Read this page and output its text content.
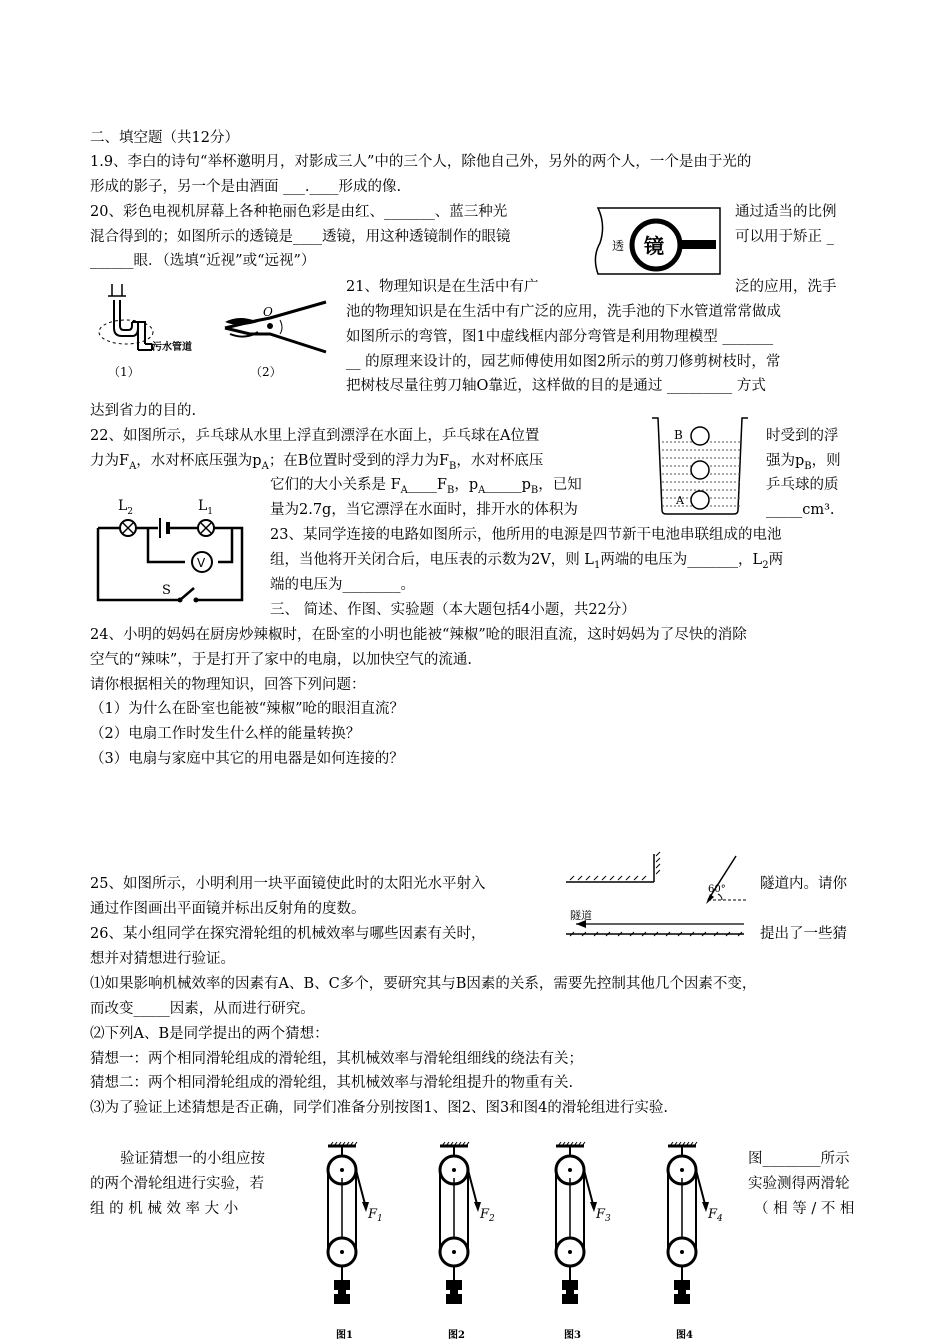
二、填空题（共12分）
1.9、李白的诗句“举杯邀明月，对影成三人”中的三个人，除他自己外，另外的两个人，一个是由于光的
形成的影子，另一个是由酒面 ___.____形成的像.
20、彩色电视机屏幕上各种艳丽色彩是由红、_______、蓝三种光
混合得到的；如图所示的透镜是____透镜，用这种透镜制作的眼镜
______眼．（选填“近视”或“远视”）
通过适当的比例
可以用于矫正 _
透 镜
污水管道
O
（1）	（2）
21、物理知识是在生活中有广	泛的应用，洗手
池的物理知识是在生活中有广泛的应用，洗手池的下水管道常常做成
如图所示的弯管，图1中虚线框内部分弯管是利用物理模型 _______
__ 的原理来设计的，园艺师傅使用如图2所示的剪刀修剪树枝时，常
把树枝尽量往剪刀轴O靠近，这样做的目的是通过 _________ 方式
达到省力的目的.
22、如图所示，乒乓球从水里上浮直到漂浮在水面上，乒乓球在A位置	时受到的浮
力为$F_A$，水对杯底压强为$p_A$；在B位置时受到的浮力为$F_B$，水对杯底压	强为$p_B$，则
它们的大小关系是 $F_A\_\_\_\_F_B$，$p_A\_\_\_\_\_p_B$，已知	乒乓球的质
量为2.7g，当它漂浮在水面时，排开水的体积为	_____cm³.
B
A
V
$L_2$	$L_1$
S
23、某同学连接的电路如图所示，他所用的电源是四节新干电池串联组成的电池
组，当他将开关闭合后，电压表的示数为2V，则 $L_1$两端的电压为_______，$L_2$两
端的电压为________。
三、 简述、作图、实验题（本大题包括4小题，共22分）
24、小明的妈妈在厨房炒辣椒时，在卧室的小明也能被“辣椒”呛的眼泪直流，这时妈妈为了尽快的消除
空气的“辣味”，于是打开了家中的电扇，以加快空气的流通.
请你根据相关的物理知识，回答下列问题：
（1）为什么在卧室也能被“辣椒”呛的眼泪直流？
（2）电扇工作时发生什么样的能量转换？
（3）电扇与家庭中其它的用电器是如何连接的？
25、如图所示，小明利用一块平面镜使此时的太阳光水平射入	隧道内。请你
通过作图画出平面镜并标出反射角的度数。
60°
隧道
26、某小组同学在探究滑轮组的机械效率与哪些因素有关时，	提出了一些猜
想并对猜想进行验证。
⑴如果影响机械效率的因素有A、B、C多个，要研究其与B因素的关系，需要先控制其他几个因素不变，
而改变_____因素，从而进行研究。
⑵下列A、B是同学提出的两个猜想：
猜想一：两个相同滑轮组成的滑轮组，其机械效率与滑轮组细线的绕法有关；
猜想二：两个相同滑轮组成的滑轮组，其机械效率与滑轮组提升的物重有关.
⑶为了验证上述猜想是否正确，同学们准备分别按图1、图2、图3和图4的滑轮组进行实验.
验证猜想一的小组应按
的两个滑轮组进行实验，若
组 的 机 械 效 率 大 小
图________所示
实验测得两滑轮
（ 相 等 / 不 相
$F_1$
图1
$F_2$
图2
$F_3$
图3
$F_4$
图4
